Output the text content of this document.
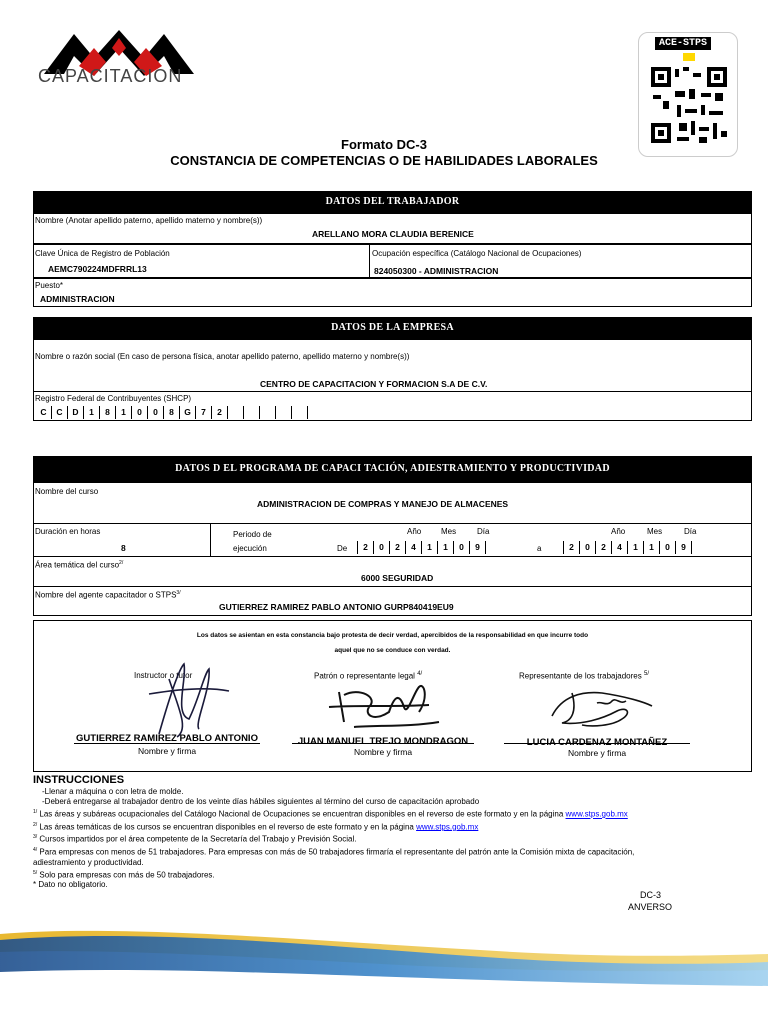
CAPACITACION
ACE-STPS
Formato DC-3
CONSTANCIA DE COMPETENCIAS O DE HABILIDADES LABORALES
DATOS DEL TRABAJADOR
Nombre (Anotar apellido paterno, apellido materno y nombre(s))
ARELLANO MORA CLAUDIA BERENICE
Clave Única de Registro de Población
AEMC790224MDFRRL13
Ocupación específica (Catálogo Nacional de Ocupaciones)
824050300 - ADMINISTRACION
Puesto*
ADMINISTRACION
DATOS DE LA EMPRESA
Nombre o razón social (En caso de persona física, anotar apellido paterno, apellido materno y nombre(s))
CENTRO DE CAPACITACION Y FORMACION S.A DE C.V.
Registro Federal de Contribuyentes (SHCP)
C	C	D	1	8	1	0	0	8	G	7	2
DATOS D EL PROGRAMA DE CAPACI TACIÓN, ADIESTRAMIENTO Y PRODUCTIVIDAD
Nombre del curso
ADMINISTRACION DE COMPRAS Y MANEJO DE ALMACENES
Duración en horas
8
Periodo de
ejecución
Año Mes	Día
De	2	0	2	4	1	1	0	9	a
Año	Mes	Día
2	0	2	4	1	1	0	9
Área temática del curso$^{2/}$
6000 SEGURIDAD
Nombre del agente capacitador o $STPS^{3/}$
GUTIERREZ RAMIREZ PABLO ANTONIO GURP840419EU9
Los datos se asientan en esta constancia bajo protesta de decir verdad, apercibidos de la responsabilidad en que incurre todo
aquel que no se conduce con verdad.
Instructor o tutor
GUTIERREZ RAMIREZ PABLO ANTONIO
Nombre y firma
Patrón o representante legal $^{4/}$
JUAN MANUEL TREJO MONDRAGON
Nombre y firma
Representante de los trabajadores $^{5/}$
LUCIA CARDENAZ MONTAÑEZ
Nombre y firma
INSTRUCCIONES
-Llenar a máquina o con letra de molde.
-Deberá entregarse al trabajador dentro de los veinte días hábiles siguientes al término del curso de capacitación aprobado
$^{1/}$ Las áreas y subáreas ocupacionales del Catálogo Nacional de Ocupaciones se encuentran disponibles en el reverso de este formato y en la página www.stps.gob.mx
$^{2/}$ Las áreas temáticas de los cursos se encuentran disponibles en el reverso de este formato y en la página www.stps.gob.mx
$^{3/}$ Cursos impartidos por el área competente de la Secretaría del Trabajo y Previsión Social.
$^{4/}$ Para empresas con menos de 51 trabajadores. Para empresas con más de 50 trabajadores firmaría el representante del patrón ante la Comisión mixta de capacitación,
adiestramiento y productividad.
$^{5/}$ Solo para empresas con más de 50 trabajadores.
* Dato no obligatorio.
DC-3
ANVERSO
